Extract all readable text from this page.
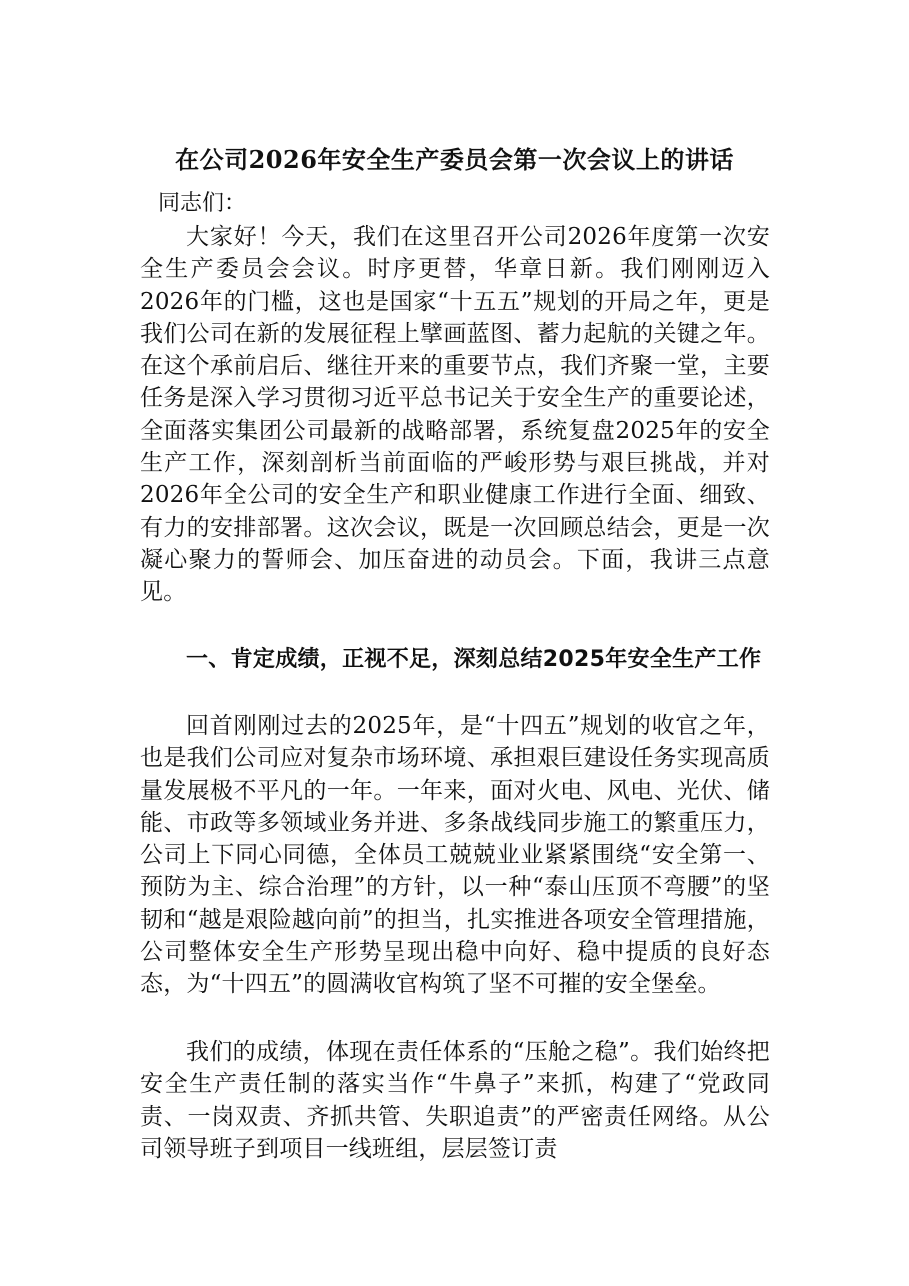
在公司2026年安全生产委员会第一次会议上的讲话
同志们：
大家好！今天，我们在这里召开公司2026年度第一次安全生产委员会会议。时序更替，华章日新。我们刚刚迈入2026年的门槛，这也是国家“十五五”规划的开局之年，更是我们公司在新的发展征程上擘画蓝图、蓄力起航的关键之年。在这个承前启后、继往开来的重要节点，我们齐聚一堂，主要任务是深入学习贯彻习近平总书记关于安全生产的重要论述，全面落实集团公司最新的战略部署，系统复盘2025年的安全生产工作，深刻剖析当前面临的严峻形势与艰巨挑战，并对2026年全公司的安全生产和职业健康工作进行全面、细致、有力的安排部署。这次会议，既是一次回顾总结会，更是一次凝心聚力的誓师会、加压奋进的动员会。下面，我讲三点意见。
一、肯定成绩，正视不足，深刻总结2025年安全生产工作
回首刚刚过去的2025年，是“十四五”规划的收官之年，也是我们公司应对复杂市场环境、承担艰巨建设任务实现高质量发展极不平凡的一年。一年来，面对火电、风电、光伏、储能、市政等多领域业务并进、多条战线同步施工的繁重压力，公司上下同心同德，全体员工兢兢业业紧紧围绕“安全第一、预防为主、综合治理”的方针，以一种“泰山压顶不弯腰”的坚韧和“越是艰险越向前”的担当，扎实推进各项安全管理措施，公司整体安全生产形势呈现出稳中向好、稳中提质的良好态态，为“十四五”的圆满收官构筑了坚不可摧的安全堡垒。
我们的成绩，体现在责任体系的“压舱之稳”。我们始终把安全生产责任制的落实当作“牛鼻子”来抓，构建了“党政同责、一岗双责、齐抓共管、失职追责”的严密责任网络。从公司领导班子到项目一线班组，层层签订责
